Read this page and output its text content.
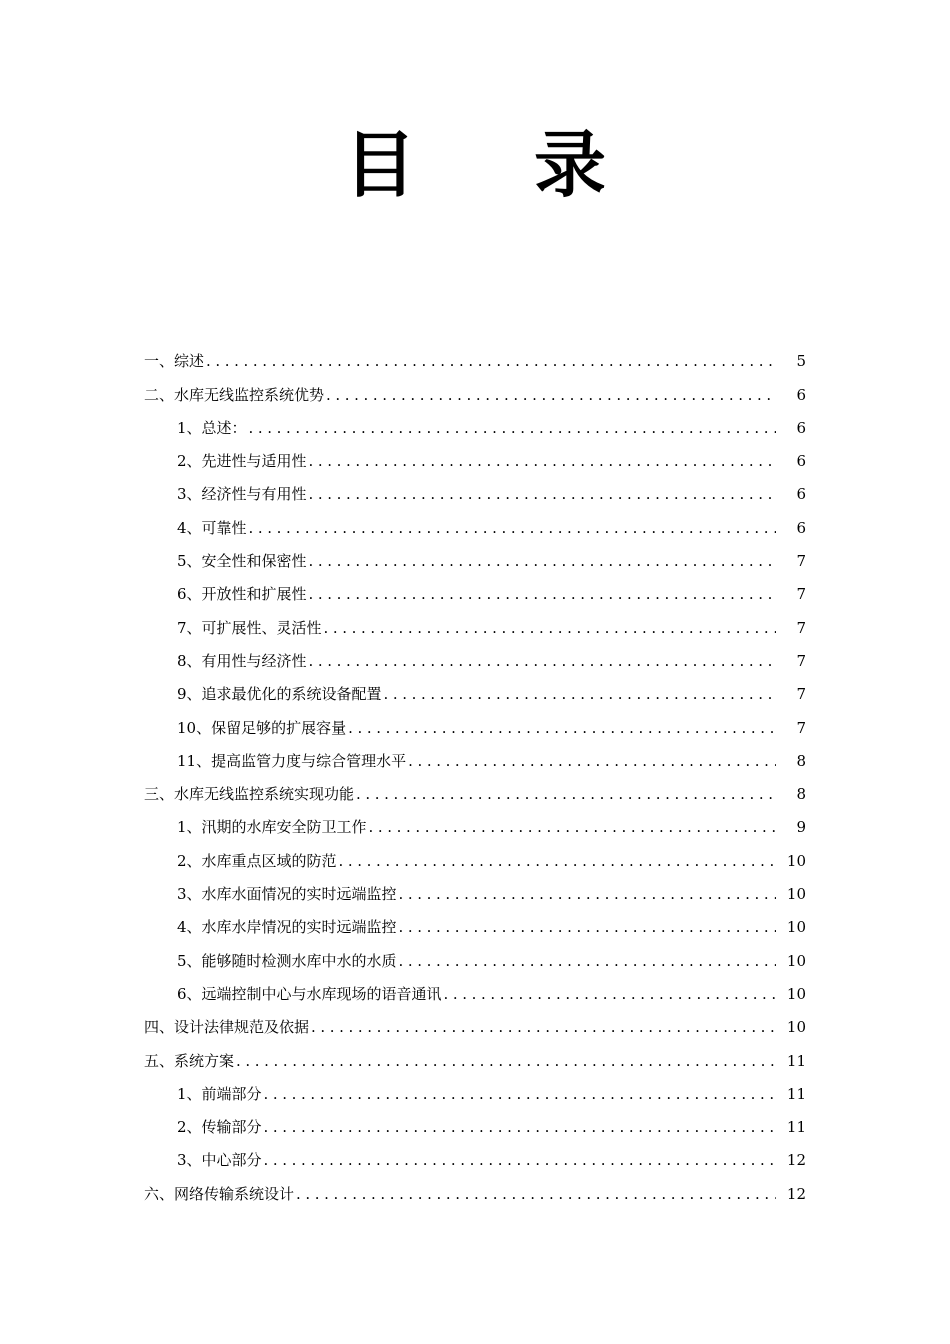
目 录
一、综述 .....	5
二、水库无线监控系统优势 .....	6
1、总述： .....	6
2、先进性与适用性 .....	6
3、经济性与有用性 .....	6
4、可靠性 .....	6
5、安全性和保密性 .....	7
6、开放性和扩展性 .....	7
7、可扩展性、灵活性 .....	7
8、有用性与经济性 .....	7
9、追求最优化的系统设备配置 .....	7
10、保留足够的扩展容量 .....	7
11、提高监管力度与综合管理水平 .....	8
三、水库无线监控系统实现功能 .....	8
1、汛期的水库安全防卫工作 .....	9
2、水库重点区域的防范 .....	10
3、水库水面情况的实时远端监控 .....	10
4、水库水岸情况的实时远端监控 .....	10
5、能够随时检测水库中水的水质 .....	10
6、远端控制中心与水库现场的语音通讯 .....	10
四、设计法律规范及依据 .....	10
五、系统方案 .....	11
1、前端部分 .....	11
2、传输部分 .....	11
3、中心部分 .....	12
六、网络传输系统设计 .....	12
